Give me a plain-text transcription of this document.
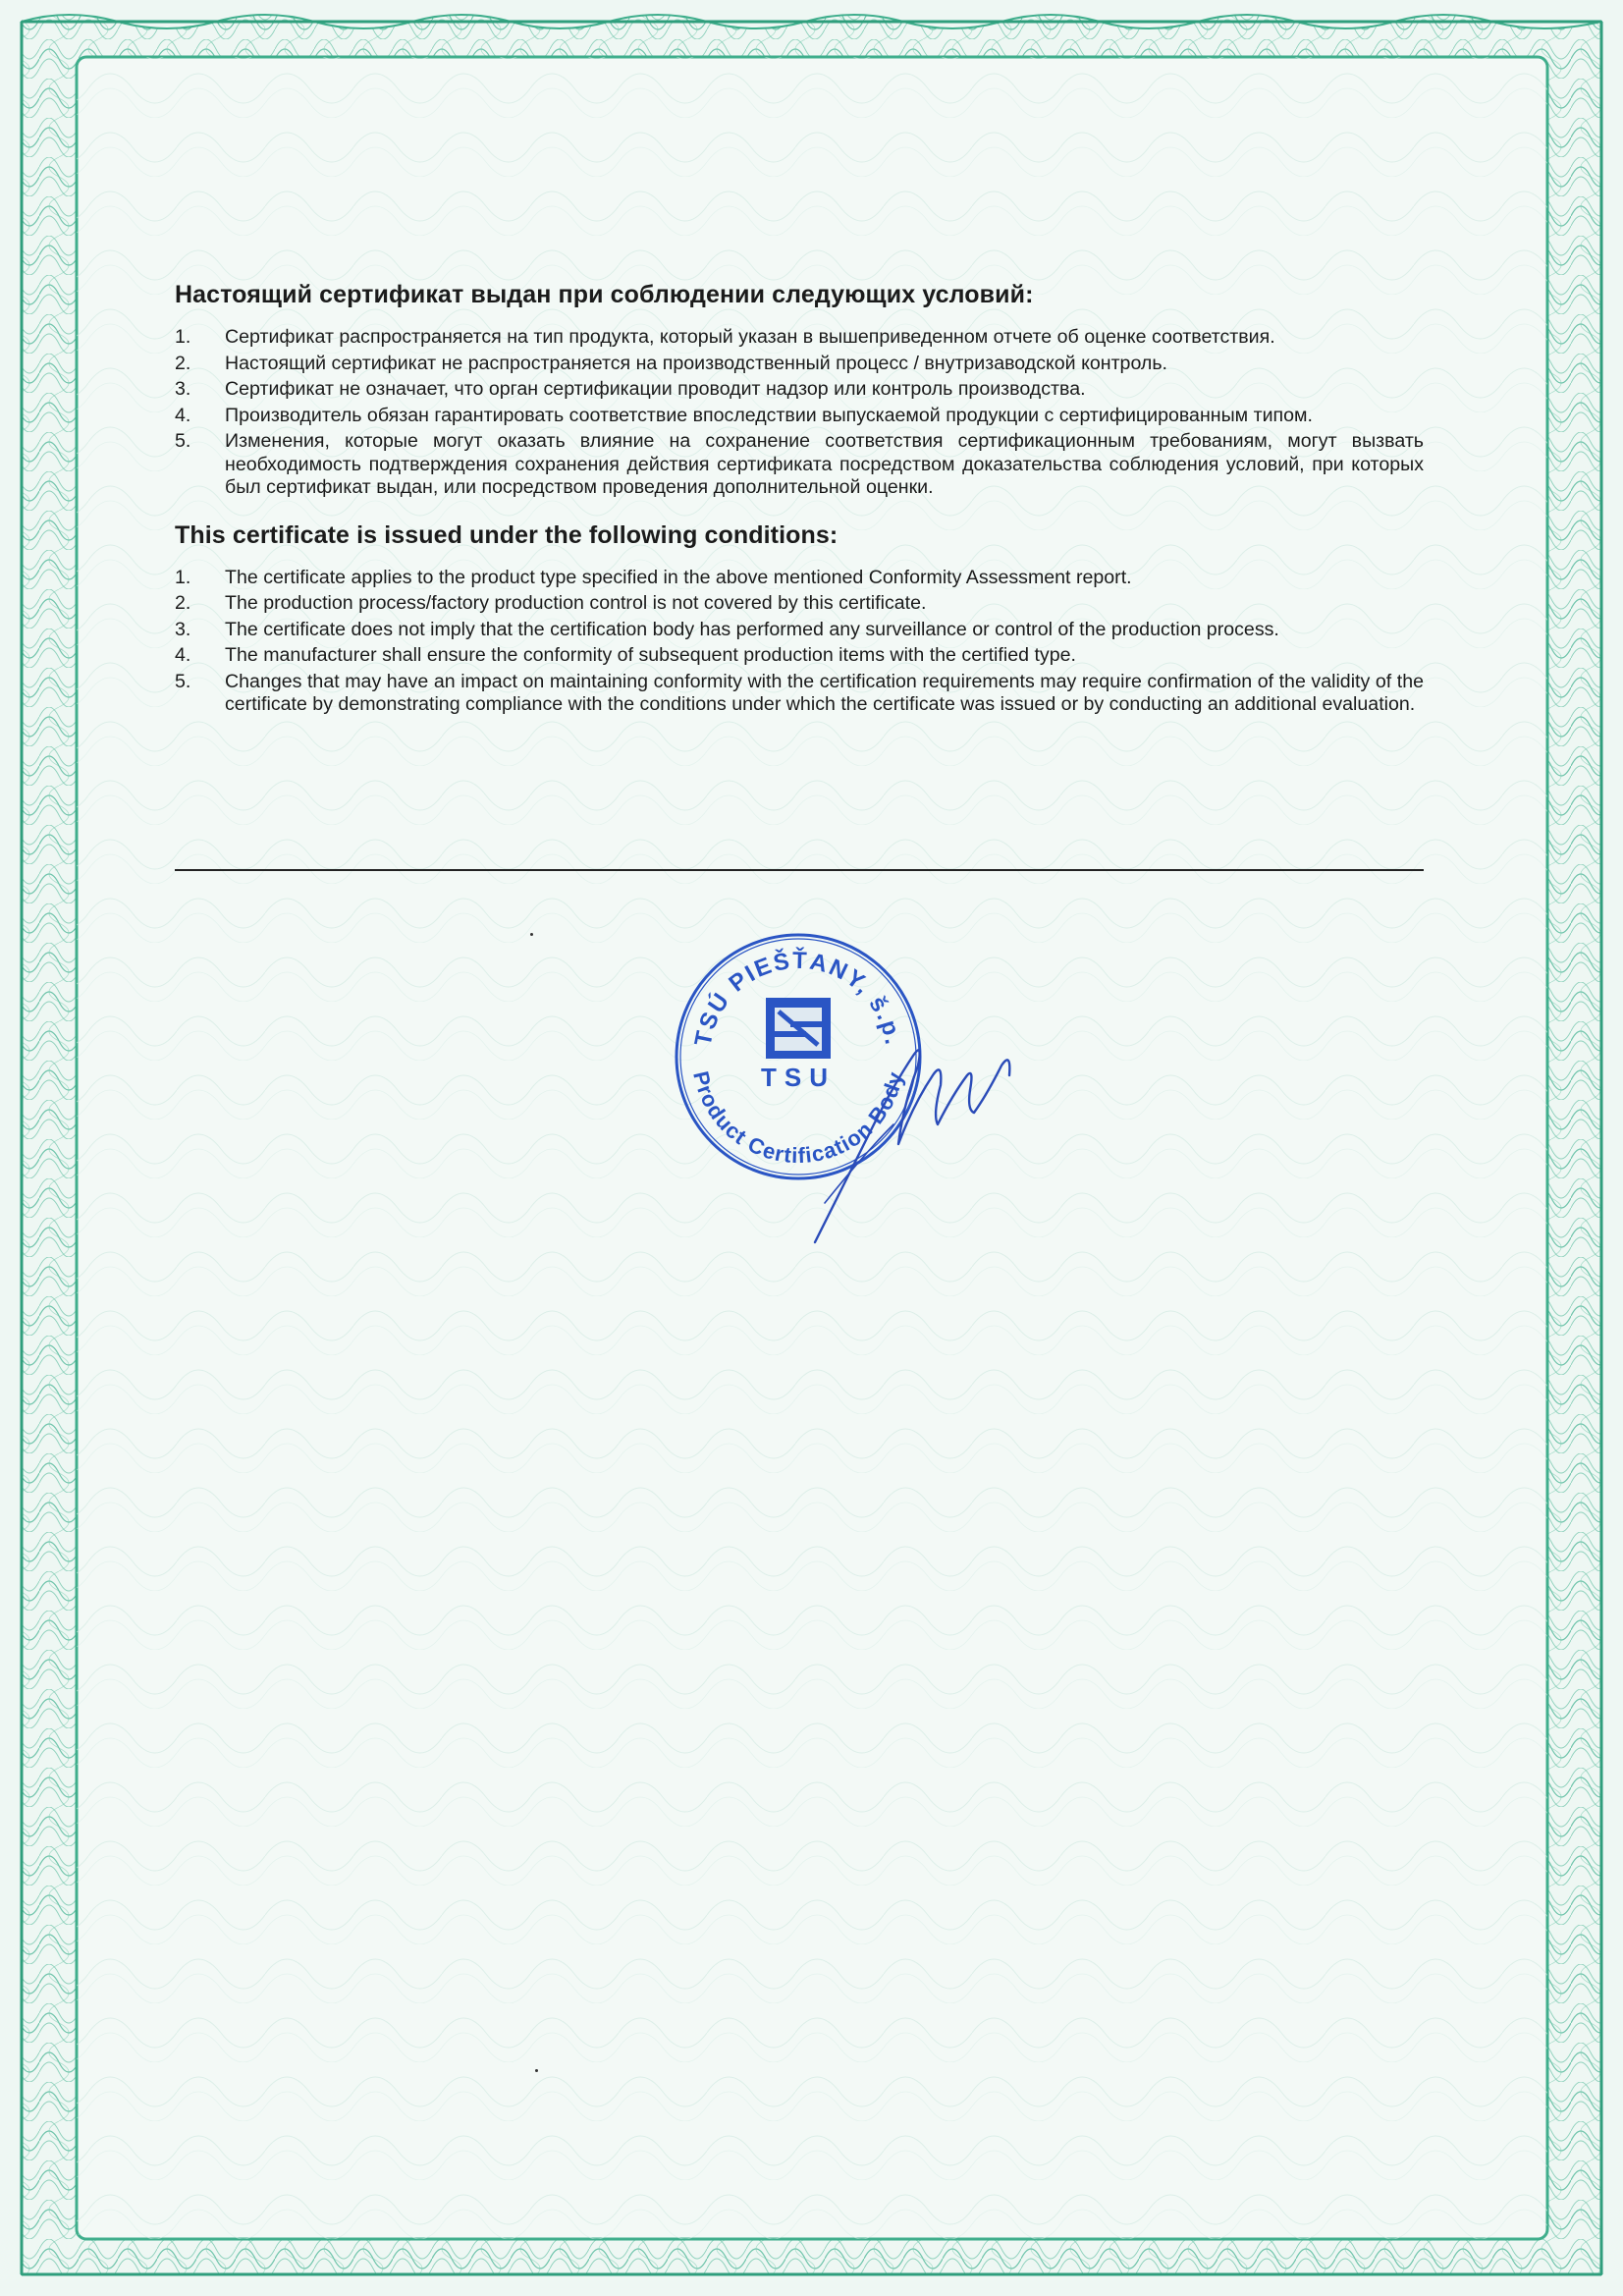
Настоящий сертификат выдан при соблюдении следующих условий:
1. Сертификат распространяется на тип продукта, который указан в вышеприведенном отчете об оценке соответствия.
2. Настоящий сертификат не распространяется на производственный процесс / внутризаводской контроль.
3. Сертификат не означает, что орган сертификации проводит надзор или контроль производства.
4. Производитель обязан гарантировать соответствие впоследствии выпускаемой продукции с сертифицированным типом.
5. Изменения, которые могут оказать влияние на сохранение соответствия сертификационным требованиям, могут вызвать необходимость подтверждения сохранения действия сертификата посредством доказательства соблюдения условий, при которых был сертификат выдан, или посредством проведения дополнительной оценки.
This certificate is issued under the following conditions:
1. The certificate applies to the product type specified in the above mentioned Conformity Assessment report.
2. The production process/factory production control is not covered by this certificate.
3. The certificate does not imply that the certification body has performed any surveillance or control of the production process.
4. The manufacturer shall ensure the conformity of subsequent production items with the certified type.
5. Changes that may have an impact on maintaining conformity with the certification requirements may require confirmation of the validity of the certificate by demonstrating compliance with the conditions under which the certificate was issued or by conducting an additional evaluation.
TSÚ PIEŠŤANY, š.p.
Product Certification Body
TSU
